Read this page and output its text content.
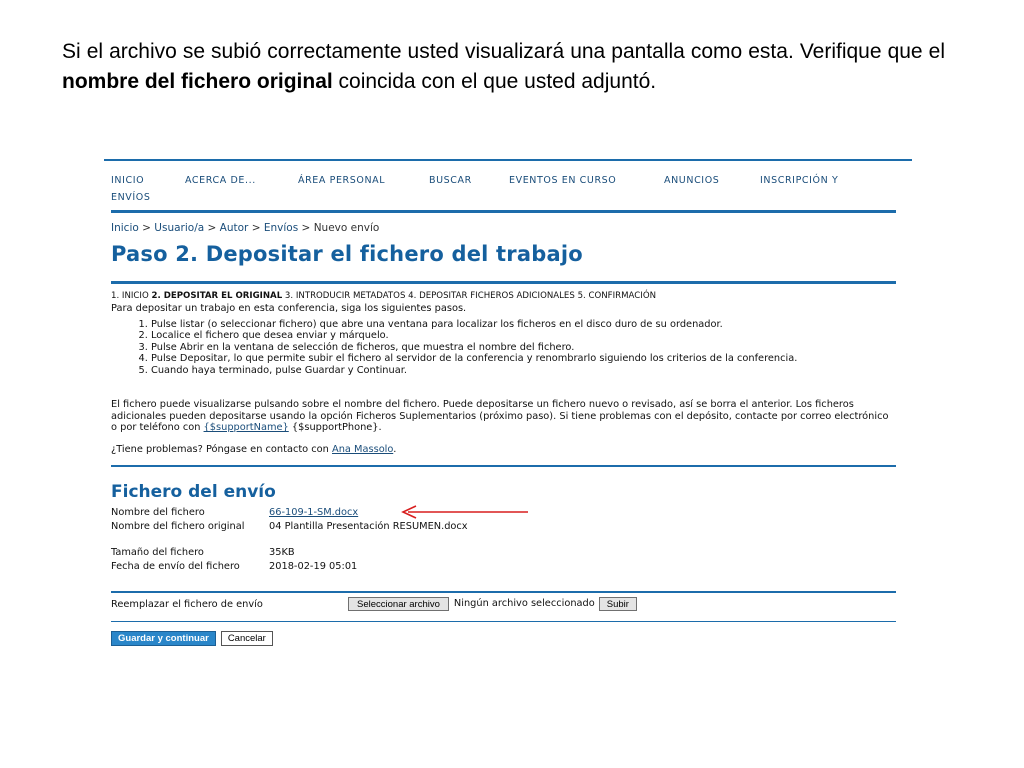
Si el archivo se subió correctamente usted visualizará una pantalla como esta. Verifique que el nombre del fichero original coincida con el que usted adjuntó.

INICIO	ACERCA DE...	ÁREA PERSONAL	BUSCAR	EVENTOS EN CURSO	ANUNCIOS	INSCRIPCIÓN Y
ENVÍOS
Inicio > Usuario/a > Autor > Envíos > Nuevo envío
Paso 2. Depositar el fichero del trabajo
1. INICIO 2. DEPOSITAR EL ORIGINAL 3. INTRODUCIR METADATOS 4. DEPOSITAR FICHEROS ADICIONALES 5. CONFIRMACIÓN
Para depositar un trabajo en esta conferencia, siga los siguientes pasos.
1. Pulse listar (o seleccionar fichero) que abre una ventana para localizar los ficheros en el disco duro de su ordenador.
2. Localice el fichero que desea enviar y márquelo.
3. Pulse Abrir en la ventana de selección de ficheros, que muestra el nombre del fichero.
4. Pulse Depositar, lo que permite subir el fichero al servidor de la conferencia y renombrarlo siguiendo los criterios de la conferencia.
5. Cuando haya terminado, pulse Guardar y Continuar.

El fichero puede visualizarse pulsando sobre el nombre del fichero. Puede depositarse un fichero nuevo o revisado, así se borra el anterior. Los ficheros adicionales pueden depositarse usando la opción Ficheros Suplementarios (próximo paso). Si tiene problemas con el depósito, contacte por correo electrónico o por teléfono con {$supportName} {$supportPhone}.

¿Tiene problemas? Póngase en contacto con Ana Massolo.
Fichero del envío
Nombre del fichero	66-109-1-SM.docx
Nombre del fichero original	04 Plantilla Presentación RESUMEN.docx
Tamaño del fichero	35KB
Fecha de envío del fichero	2018-02-19 05:01
Reemplazar el fichero de envío	Seleccionar archivo	Ningún archivo seleccionado	Subir
Guardar y continuar	Cancelar
